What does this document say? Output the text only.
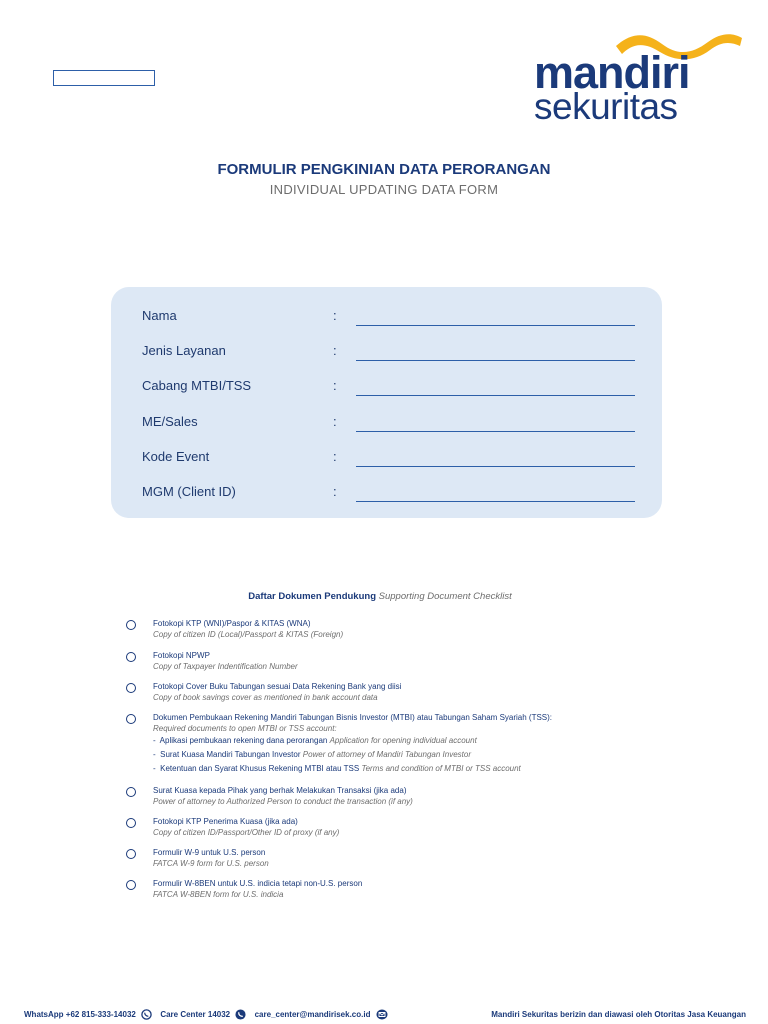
mandiri
sekuritas
FORMULIR PENGKINIAN DATA PERORANGAN
INDIVIDUAL UPDATING DATA FORM
Nama	:
Jenis Layanan	:
Cabang MTBI/TSS	:
ME/Sales	:
Kode Event	:
MGM (Client ID)	:
Daftar Dokumen Pendukung Supporting Document Checklist
Fotokopi KTP (WNI)/Paspor & KITAS (WNA)
Copy of citizen ID (Local)/Passport & KITAS (Foreign)
Fotokopi NPWP
Copy of Taxpayer Indentification Number
Fotokopi Cover Buku Tabungan sesuai Data Rekening Bank yang diisi
Copy of book savings cover as mentioned in bank account data
Dokumen Pembukaan Rekening Mandiri Tabungan Bisnis Investor (MTBI) atau Tabungan Saham Syariah (TSS):
Required documents to open MTBI or TSS account:
-  Aplikasi pembukaan rekening dana perorangan Application for opening individual account
-  Surat Kuasa Mandiri Tabungan Investor Power of attorney of Mandiri Tabungan Investor
-  Ketentuan dan Syarat Khusus Rekening MTBI atau TSS Terms and condition of MTBI or TSS account
Surat Kuasa kepada Pihak yang berhak Melakukan Transaksi (jika ada)
Power of attorney to Authorized Person to conduct the transaction (if any)
Fotokopi KTP Penerima Kuasa (jika ada)
Copy of citizen ID/Passport/Other ID of proxy (if any)
Formulir W-9 untuk U.S. person
FATCA W-9 form for U.S. person
Formulir W-8BEN untuk U.S. indicia tetapi non-U.S. person
FATCA W-8BEN form for U.S. indicia
WhatsApp +62 815-333-14032	Care Center 14032	care_center@mandirisek.co.id	Mandiri Sekuritas berizin dan diawasi oleh Otoritas Jasa Keuangan
